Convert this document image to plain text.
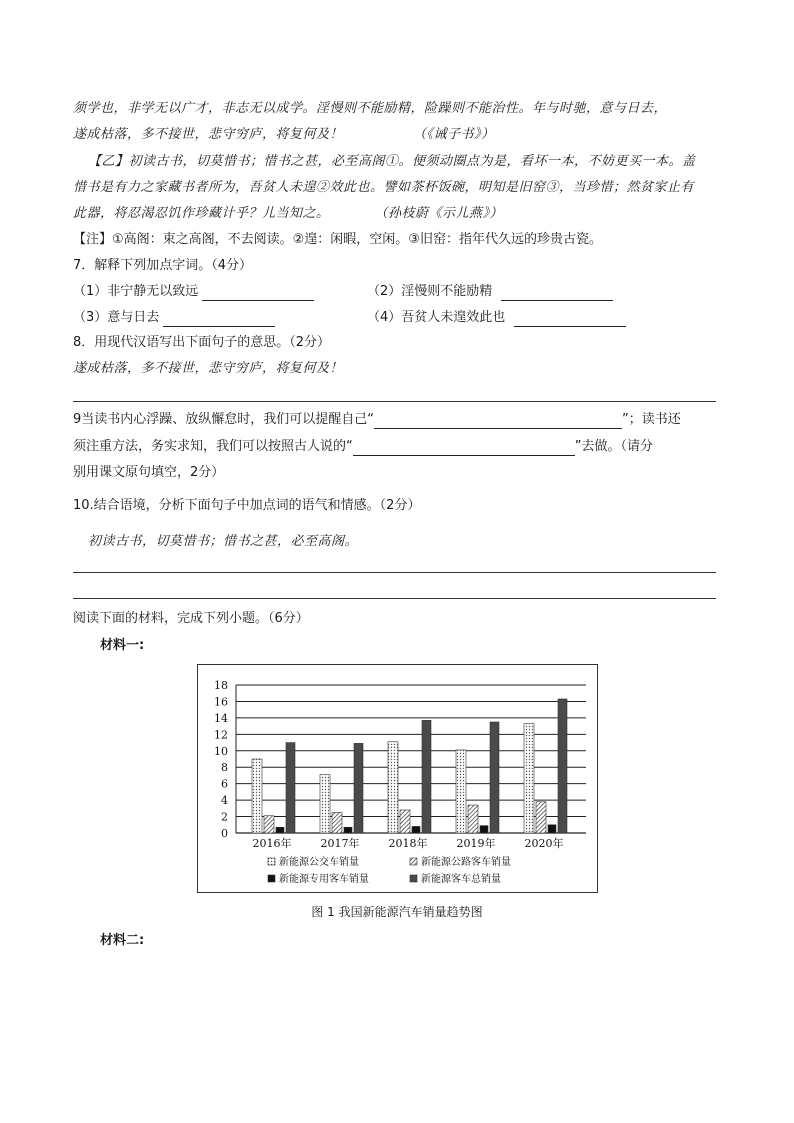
须学也，非学无以广才，非志无以成学。淫慢则不能励精，险躁则不能治性。年与时驰，意与日去，
遂成枯落，多不接世，悲守穷庐，将复何及！	（《诫子书》）
【乙】初读古书，切莫惜书；惜书之甚，必至高阁①。便须动圈点为是，看坏一本，不妨更买一本。盖
惜书是有力之家藏书者所为，吾贫人未遑②效此也。譬如茶杯饭碗，明知是旧窑③，当珍惜；然贫家止有
此器，将忍渴忍饥作珍藏计乎？儿当知之。	（孙枝蔚《示儿燕》）
【注】①高阁：束之高阁，不去阅读。②遑：闲暇，空闲。③旧窑：指年代久远的珍贵古瓷。
7．解释下列加点字词。（4分）
（1）非宁静无以致远	（2）淫慢则不能励精
（3）意与日去	（4）吾贫人未遑效此也
8．用现代汉语写出下面句子的意思。（2分）
遂成枯落，多不接世，悲守穷庐，将复何及！
9当读书内心浮躁、放纵懈怠时，我们可以提醒自己“	”；读书还
须注重方法，务实求知，我们可以按照古人说的“	”去做。（请分
别用课文原句填空，2分）
10.结合语境，分析下面句子中加点词的语气和情感。（2分）
初读古书，切莫惜书；惜书之甚，必至高阁。
阅读下面的材料，完成下列小题。（6分）
材料一:
0
2
4
6
8
10
12
14
16
18
2016年	2017年	2018年	2019年	2020年
新能源公交车销量	新能源公路客车销量
新能源专用客车销量	新能源客车总销量
图 1 我国新能源汽车销量趋势图
材料二:
